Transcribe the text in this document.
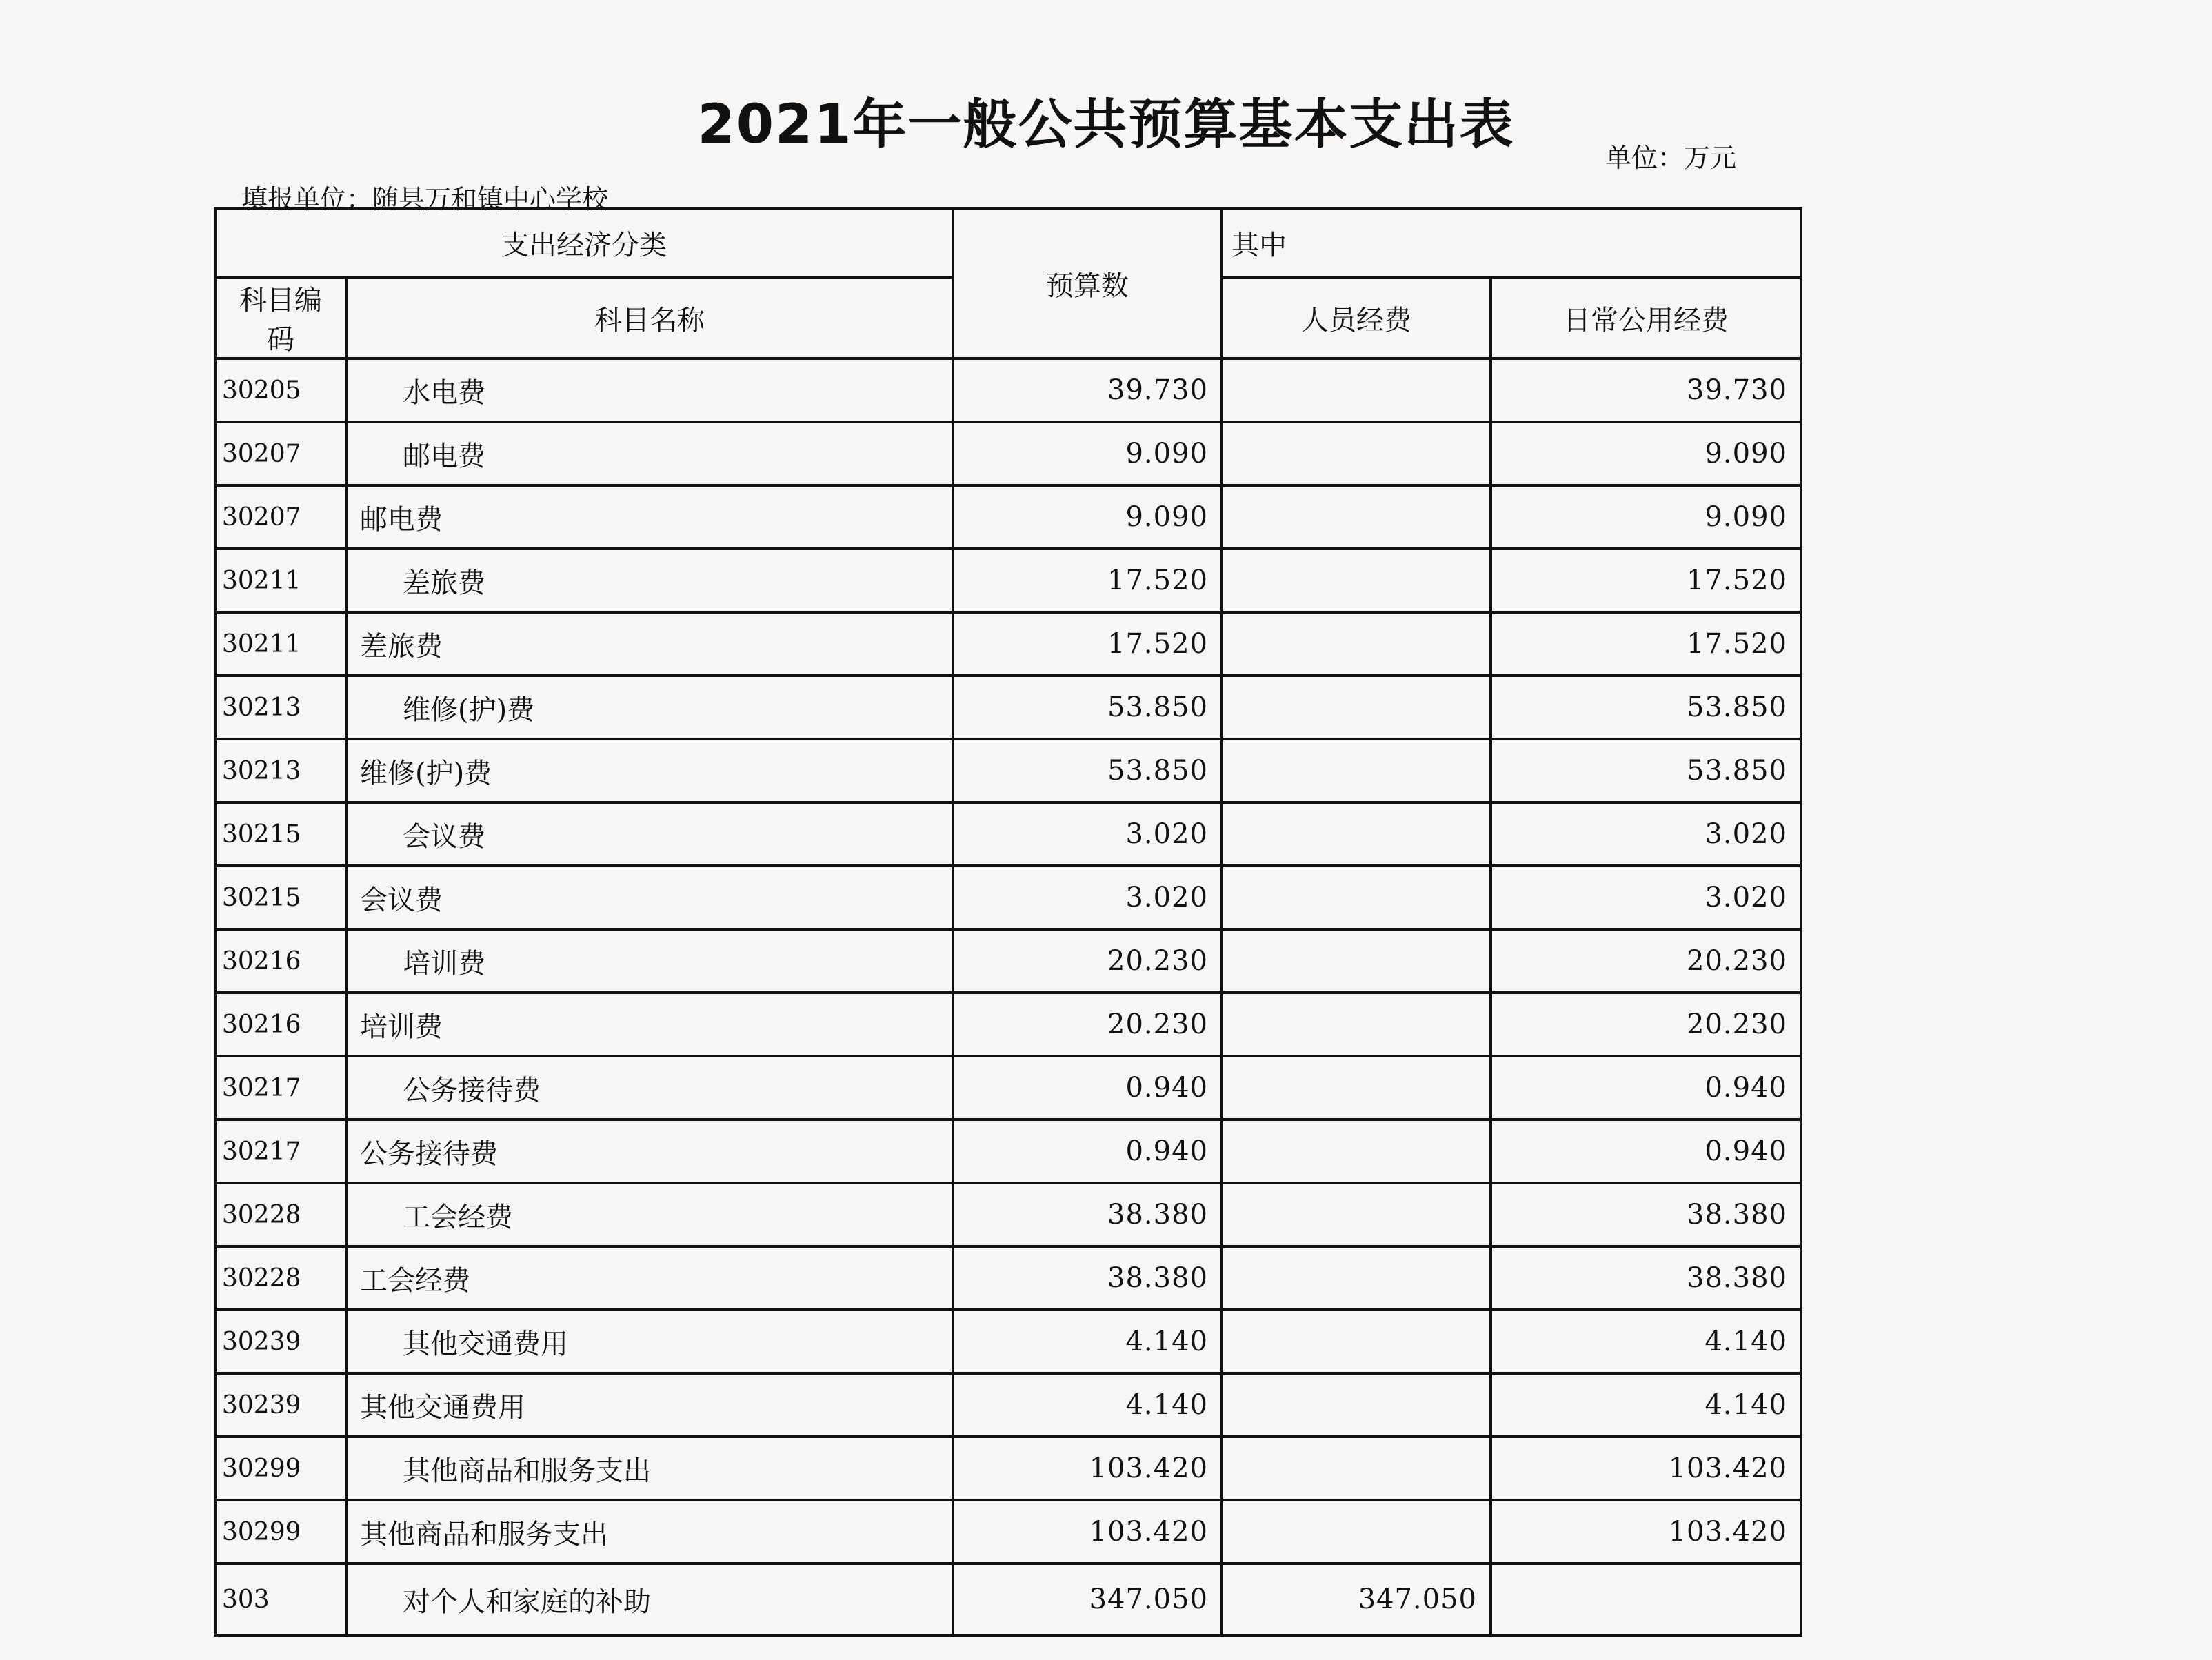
2021年一般公共预算基本支出表
单位：万元
填报单位：随县万和镇中心学校
支出经济分类		预算数	其中	
科目编码	科目名称		人员经费	日常公用经费
30205	水电费	39.730		39.730
30207	邮电费	9.090		9.090
30207	邮电费	9.090		9.090
30211	差旅费	17.520		17.520
30211	差旅费	17.520		17.520
30213	维修(护)费	53.850		53.850
30213	维修(护)费	53.850		53.850
30215	会议费	3.020		3.020
30215	会议费	3.020		3.020
30216	培训费	20.230		20.230
30216	培训费	20.230		20.230
30217	公务接待费	0.940		0.940
30217	公务接待费	0.940		0.940
30228	工会经费	38.380		38.380
30228	工会经费	38.380		38.380
30239	其他交通费用	4.140		4.140
30239	其他交通费用	4.140		4.140
30299	其他商品和服务支出	103.420		103.420
30299	其他商品和服务支出	103.420		103.420
303	对个人和家庭的补助	347.050	347.050	
